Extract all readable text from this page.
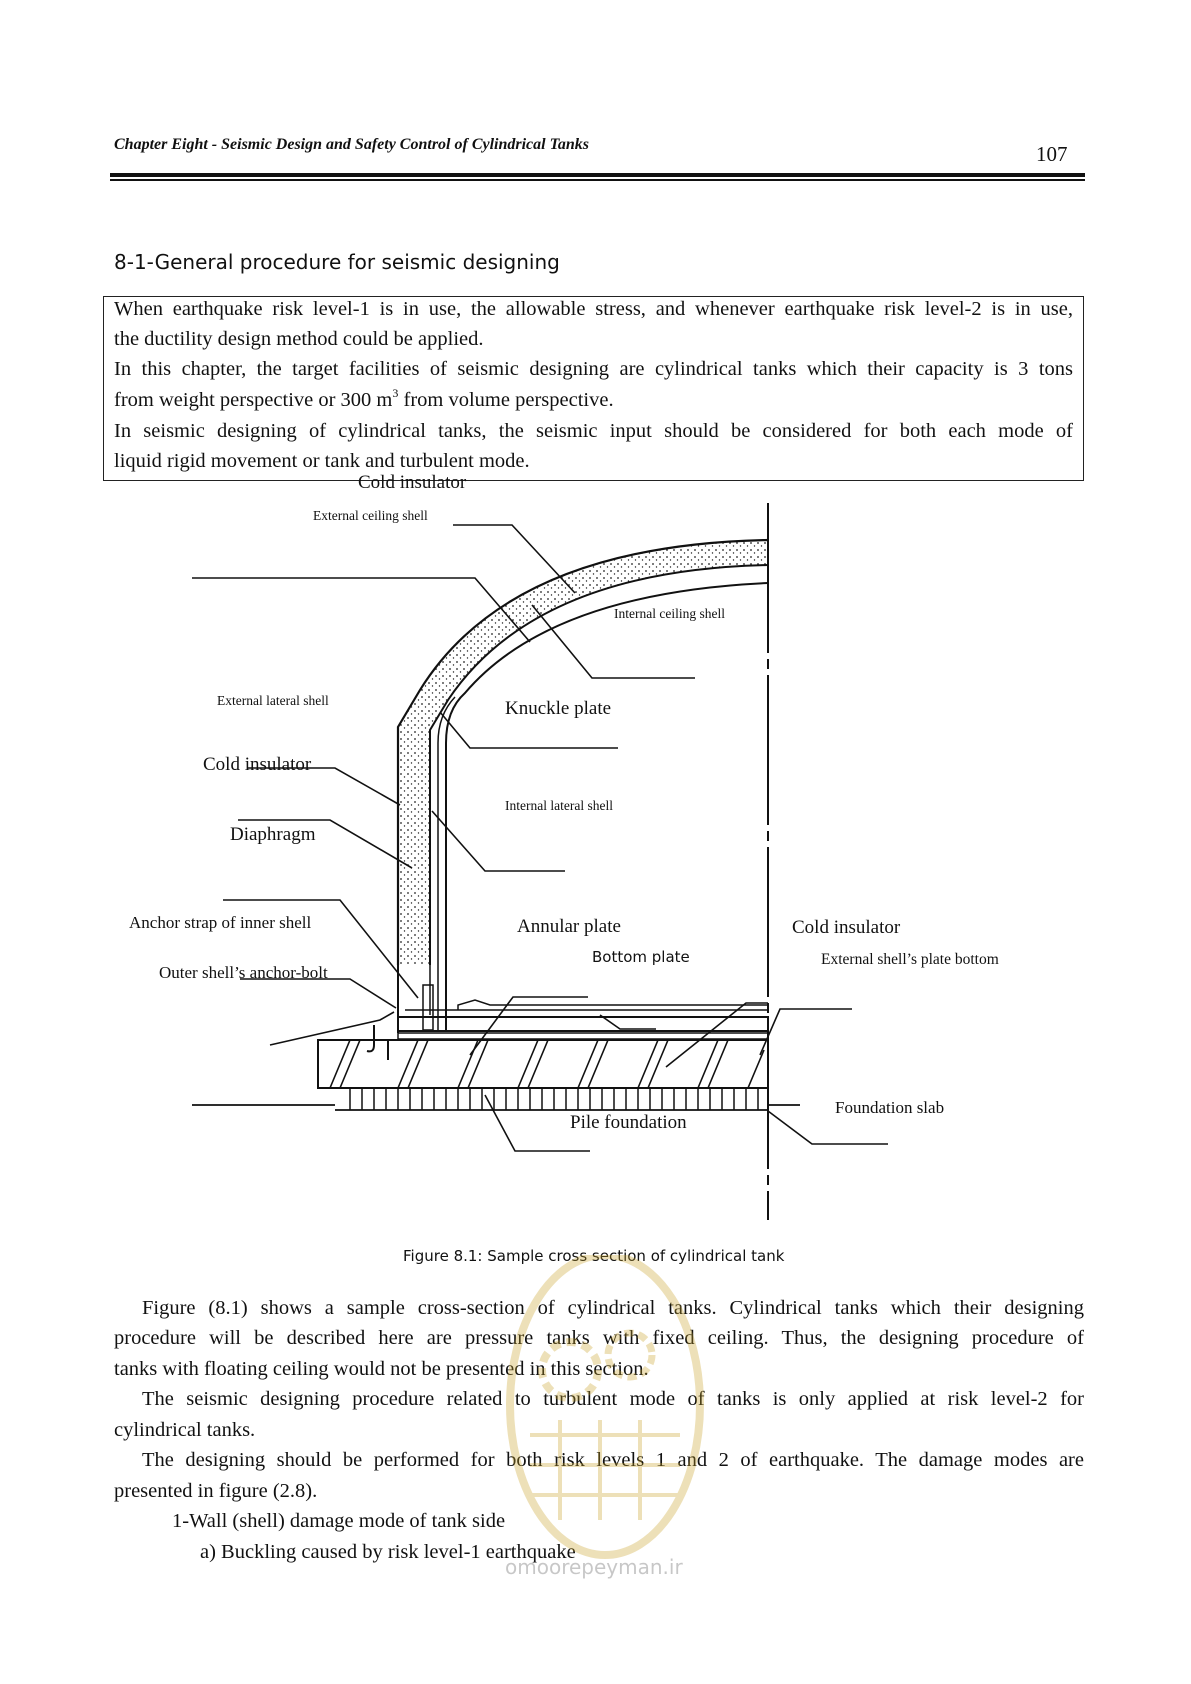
Chapter Eight - Seismic Design and Safety Control of Cylindrical Tanks	107
8-1-General procedure for seismic designing
When earthquake risk level-1 is in use, the allowable stress, and whenever earthquake risk level-2 is in use,
the ductility design method could be applied.
In this chapter, the target facilities of seismic designing are cylindrical tanks which their capacity is 3 tons
from weight perspective or 300 $m^3$ from volume perspective.
In seismic designing of cylindrical tanks, the seismic input should be considered for both each mode of
liquid rigid movement or tank and turbulent mode.
Cold insulator
External ceiling shell
Internal ceiling shell
External lateral shell	Knuckle plate
Cold insulator
Internal lateral shell
Diaphragm
Anchor strap of inner shell	Annular plate	Cold insulator
Outer shell’s anchor-bolt
Bottom plate	External shell’s plate bottom
Foundation slab
Pile foundation
Figure 8.1: Sample cross section of cylindrical tank
Figure (8.1) shows a sample cross-section of cylindrical tanks. Cylindrical tanks which their designing
procedure will be described here are pressure tanks with fixed ceiling. Thus, the designing procedure of
tanks with floating ceiling would not be presented in this section.
The seismic designing procedure related to turbulent mode of tanks is only applied at risk level-2 for
cylindrical tanks.
The designing should be performed for both risk levels 1 and 2 of earthquake. The damage modes are
presented in figure (2.8).
1-Wall (shell) damage mode of tank side
a) Buckling caused by risk level-1 earthquake
omoorepeyman.ir
